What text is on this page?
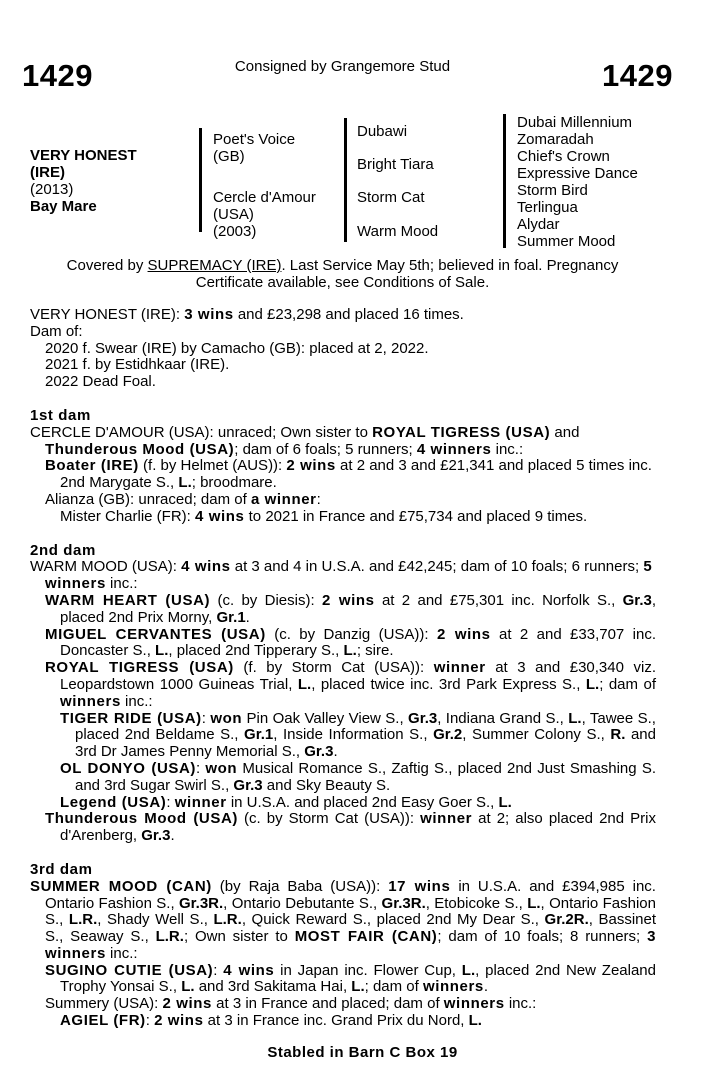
1429	Consigned by Grangemore Stud	1429
VERY HONEST
(IRE)
(2013)
Bay Mare
Poet's Voice
(GB)
Cercle d'Amour
(USA)
(2003)
Dubawi
Bright Tiara
Storm Cat
Warm Mood
Dubai Millennium
Zomaradah
Chief's Crown
Expressive Dance
Storm Bird
Terlingua
Alydar
Summer Mood
Covered by SUPREMACY (IRE). Last Service May 5th; believed in foal. Pregnancy
Certificate available, see Conditions of Sale.

VERY HONEST (IRE): 3 wins and £23,298 and placed 16 times.

Dam of:

2020 f. Swear (IRE) by Camacho (GB): placed at 2, 2022.

2021 f. by Estidhkaar (IRE).

2022 Dead Foal.

1st dam

CERCLE D'AMOUR (USA): unraced; Own sister to ROYAL TIGRESS (USA) and Thunderous Mood (USA); dam of 6 foals; 5 runners; 4 winners inc.:

Boater (IRE) (f. by Helmet (AUS)): 2 wins at 2 and 3 and £21,341 and placed 5 times inc. 2nd Marygate S., L.; broodmare.

Alianza (GB): unraced; dam of a winner:

Mister Charlie (FR): 4 wins to 2021 in France and £75,734 and placed 9 times.

2nd dam

WARM MOOD (USA): 4 wins at 3 and 4 in U.S.A. and £42,245; dam of 10 foals; 6 runners; 5 winners inc.:

WARM HEART (USA) (c. by Diesis): 2 wins at 2 and £75,301 inc. Norfolk S., Gr.3, placed 2nd Prix Morny, Gr.1.

MIGUEL CERVANTES (USA) (c. by Danzig (USA)): 2 wins at 2 and £33,707 inc. Doncaster S., L., placed 2nd Tipperary S., L.; sire.

ROYAL TIGRESS (USA) (f. by Storm Cat (USA)): winner at 3 and £30,340 viz. Leopardstown 1000 Guineas Trial, L., placed twice inc. 3rd Park Express S., L.; dam of winners inc.:

TIGER RIDE (USA): won Pin Oak Valley View S., Gr.3, Indiana Grand S., L., Tawee S., placed 2nd Beldame S., Gr.1, Inside Information S., Gr.2, Summer Colony S., R. and 3rd Dr James Penny Memorial S., Gr.3.

OL DONYO (USA): won Musical Romance S., Zaftig S., placed 2nd Just Smashing S. and 3rd Sugar Swirl S., Gr.3 and Sky Beauty S.

Legend (USA): winner in U.S.A. and placed 2nd Easy Goer S., L.

Thunderous Mood (USA) (c. by Storm Cat (USA)): winner at 2; also placed 2nd Prix d'Arenberg, Gr.3.

3rd dam

SUMMER MOOD (CAN) (by Raja Baba (USA)): 17 wins in U.S.A. and £394,985 inc. Ontario Fashion S., Gr.3R., Ontario Debutante S., Gr.3R., Etobicoke S., L., Ontario Fashion S., L.R., Shady Well S., L.R., Quick Reward S., placed 2nd My Dear S., Gr.2R., Bassinet S., Seaway S., L.R.; Own sister to MOST FAIR (CAN); dam of 10 foals; 8 runners; 3 winners inc.:

SUGINO CUTIE (USA): 4 wins in Japan inc. Flower Cup, L., placed 2nd New Zealand Trophy Yonsai S., L. and 3rd Sakitama Hai, L.; dam of winners.

Summery (USA): 2 wins at 3 in France and placed; dam of winners inc.:

AGIEL (FR): 2 wins at 3 in France inc. Grand Prix du Nord, L.

Stabled in Barn C Box 19
